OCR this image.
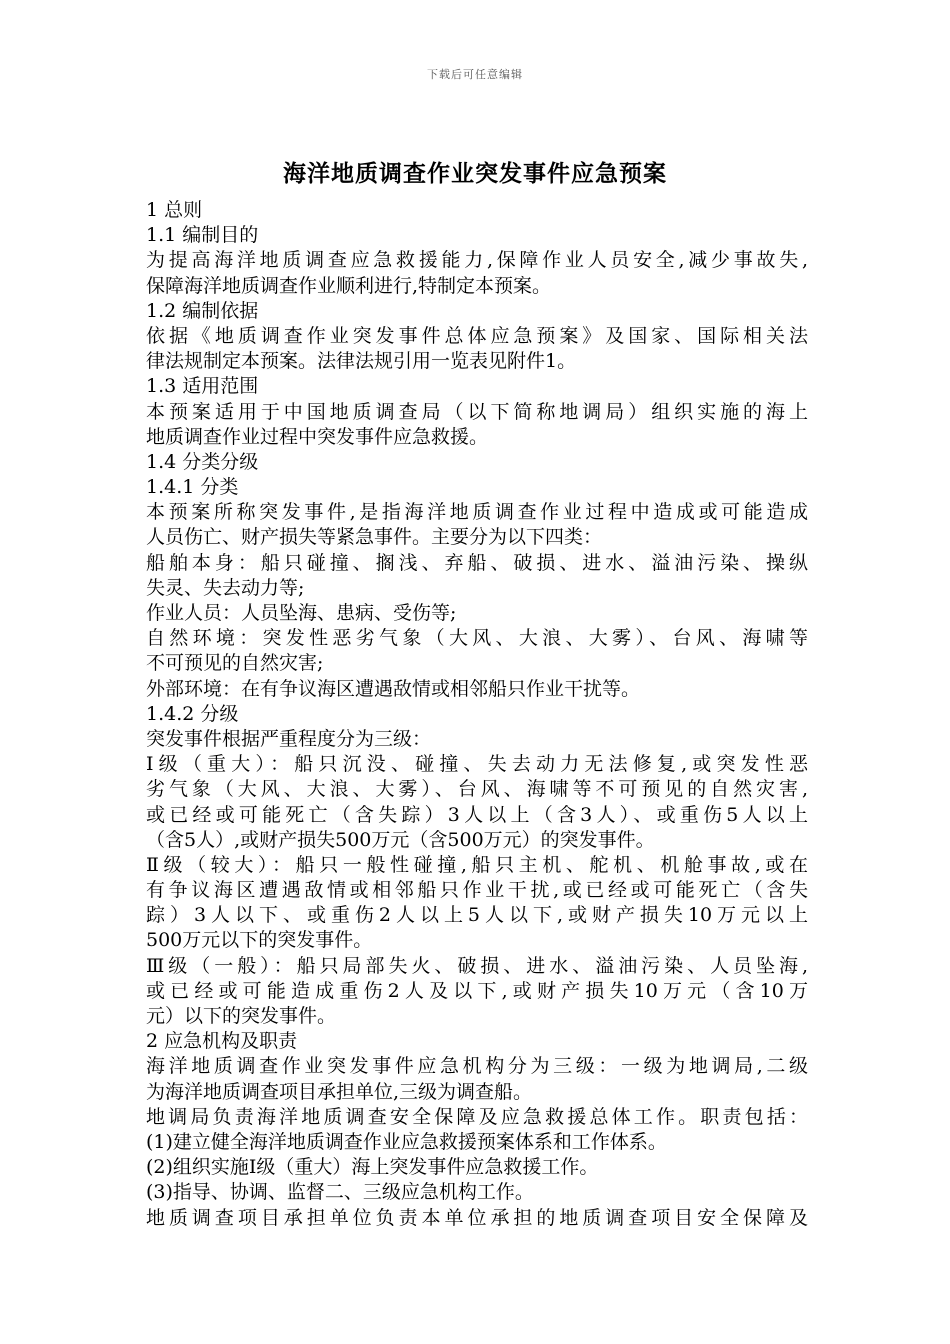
下载后可任意编辑
海洋地质调查作业突发事件应急预案
1 总则
1.1 编制目的
为提高海洋地质调查应急救援能力,保障作业人员安全,减少事故失,
保障海洋地质调查作业顺利进行,特制定本预案。
1.2 编制依据
依据《地质调查作业突发事件总体应急预案》及国家、国际相关法
律法规制定本预案。法律法规引用一览表见附件1。
1.3 适用范围
本预案适用于中国地质调查局（以下简称地调局）组织实施的海上
地质调查作业过程中突发事件应急救援。
1.4 分类分级
1.4.1 分类
本预案所称突发事件,是指海洋地质调查作业过程中造成或可能造成
人员伤亡、财产损失等紧急事件。主要分为以下四类：
船舶本身：船只碰撞、搁浅、弃船、破损、进水、溢油污染、操纵
失灵、失去动力等;
作业人员：人员坠海、患病、受伤等;
自然环境：突发性恶劣气象（大风、大浪、大雾）、台风、海啸等
不可预见的自然灾害;
外部环境：在有争议海区遭遇敌情或相邻船只作业干扰等。
1.4.2 分级
突发事件根据严重程度分为三级：
Ⅰ级（重大）：船只沉没、碰撞、失去动力无法修复,或突发性恶
劣气象（大风、大浪、大雾）、台风、海啸等不可预见的自然灾害,
或已经或可能死亡（含失踪）3人以上（含3人）、或重伤5人以上
（含5人）,或财产损失500万元（含500万元）的突发事件。
Ⅱ级（较大）：船只一般性碰撞,船只主机、舵机、机舱事故,或在
有争议海区遭遇敌情或相邻船只作业干扰,或已经或可能死亡（含失
踪）3人以下、或重伤2人以上5人以下,或财产损失10万元以上
500万元以下的突发事件。
Ⅲ级（一般）：船只局部失火、破损、进水、溢油污染、人员坠海,
或已经或可能造成重伤2人及以下,或财产损失10万元（含10万
元）以下的突发事件。
2 应急机构及职责
海洋地质调查作业突发事件应急机构分为三级：一级为地调局,二级
为海洋地质调查项目承担单位,三级为调查船。
地调局负责海洋地质调查安全保障及应急救援总体工作。职责包括：
(1)建立健全海洋地质调查作业应急救援预案体系和工作体系。
(2)组织实施Ⅰ级（重大）海上突发事件应急救援工作。
(3)指导、协调、监督二、三级应急机构工作。
地质调查项目承担单位负责本单位承担的地质调查项目安全保障及
